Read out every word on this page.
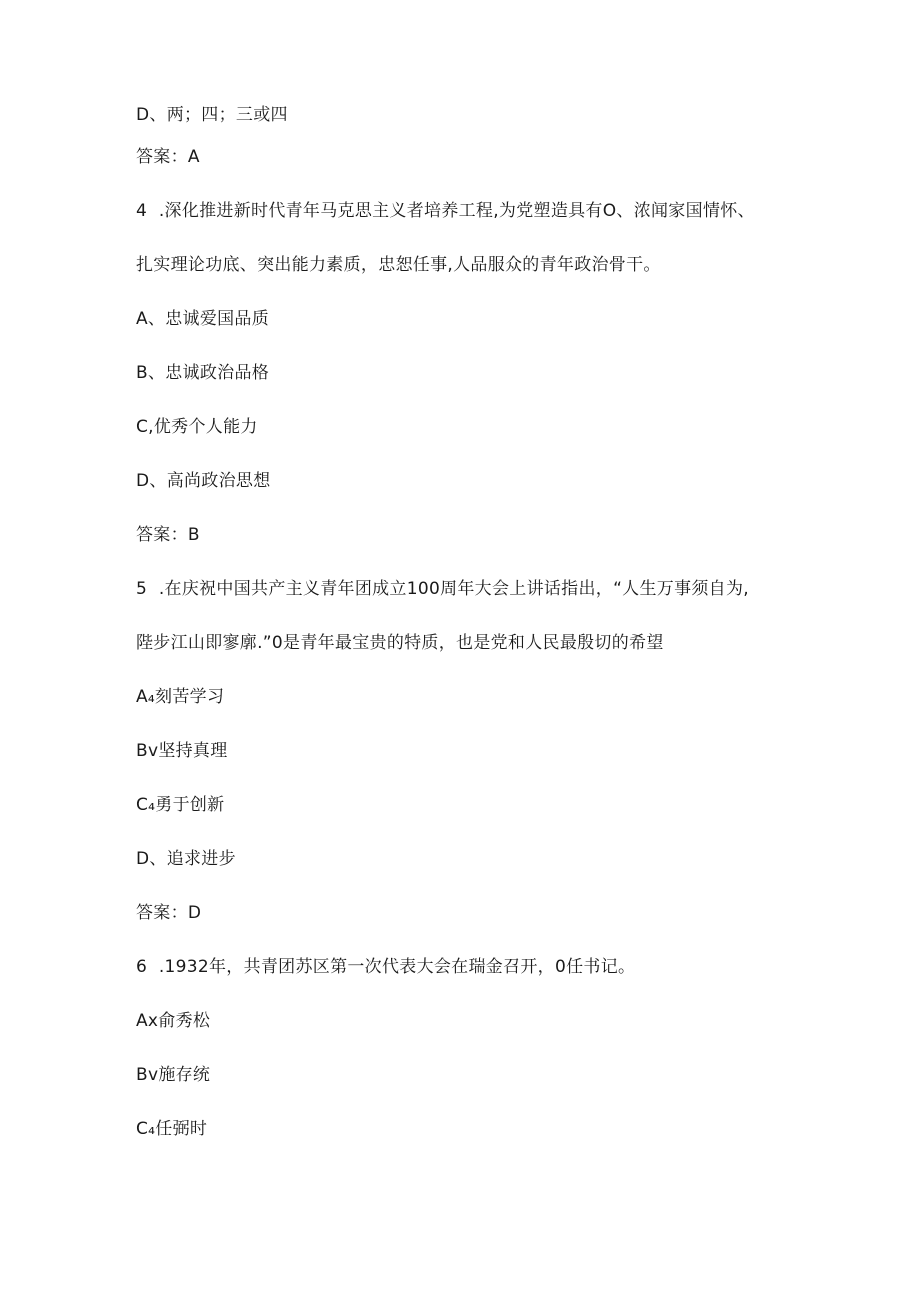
D、两；四；三或四
答案：A
4 .深化推进新时代青年马克思主义者培养工程,为党塑造具有O、浓闻家国情怀、
扎实理论功底、突出能力素质，忠恕任事,人品服众的青年政治骨干。
A、忠诚爱国品质
B、忠诚政治品格
C,优秀个人能力
D、高尚政治思想
答案：B
5 .在庆祝中国共产主义青年团成立100周年大会上讲话指出，“人生万事须自为,
陛步江山即寥廓.”0是青年最宝贵的特质，也是党和人民最殷切的希望
A₄刻苦学习
Bv坚持真理
C₄勇于创新
D、追求进步
答案：D
6 .1932年，共青团苏区第一次代表大会在瑞金召开，0任书记。
Ax俞秀松
Bv施存统
C₄任弼时
